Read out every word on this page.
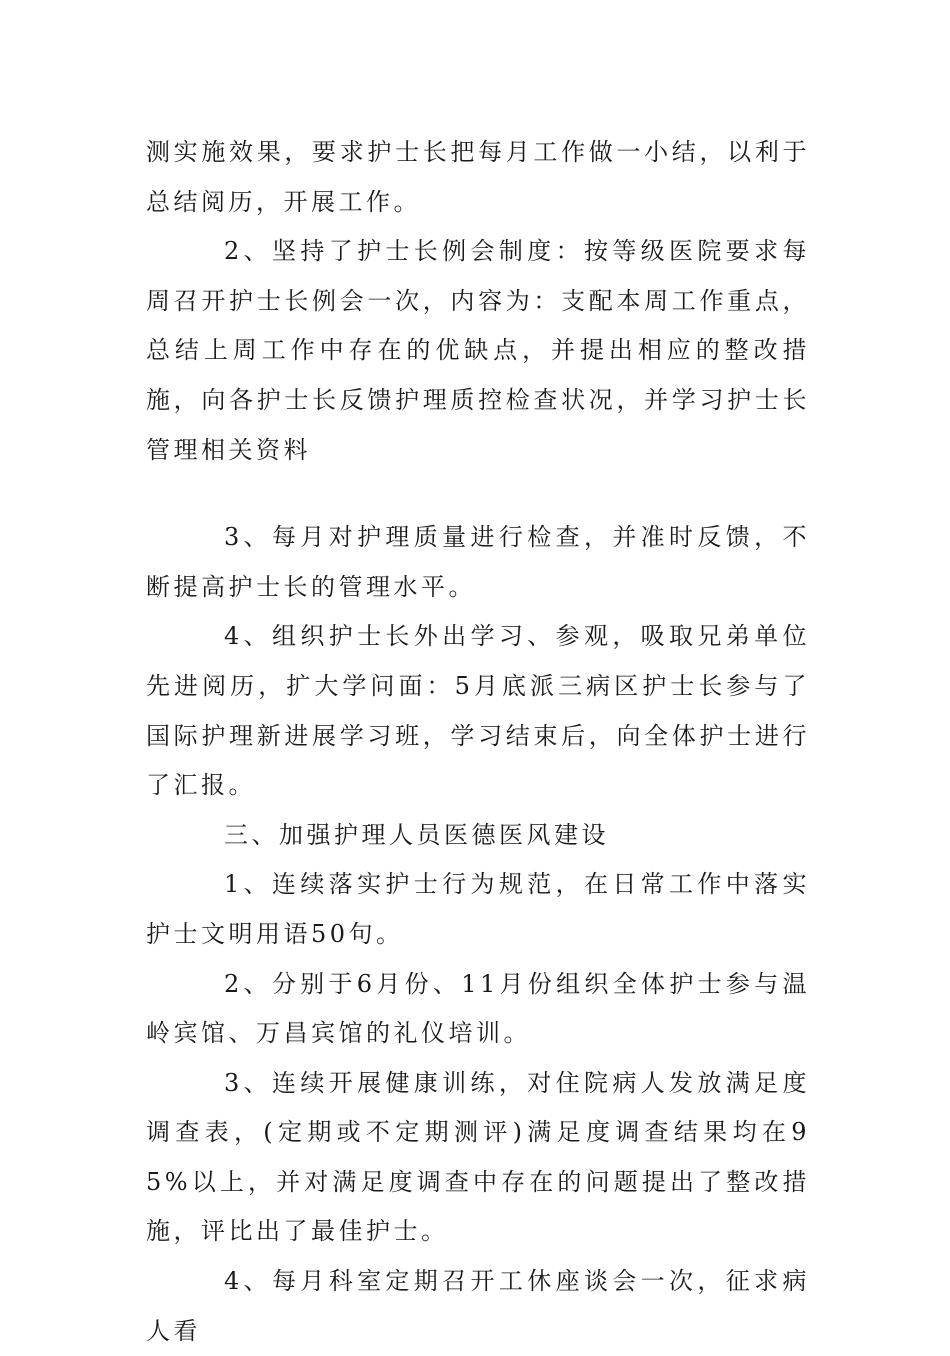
测实施效果，要求护士长把每月工作做一小结，以利于总结阅历，开展工作。

2、坚持了护士长例会制度：按等级医院要求每周召开护士长例会一次，内容为：支配本周工作重点，总结上周工作中存在的优缺点，并提出相应的整改措施，向各护士长反馈护理质控检查状况，并学习护士长管理相关资料

3、每月对护理质量进行检查，并准时反馈，不断提高护士长的管理水平。

4、组织护士长外出学习、参观，吸取兄弟单位先进阅历，扩大学问面：5月底派三病区护士长参与了国际护理新进展学习班，学习结束后，向全体护士进行了汇报。

三、加强护理人员医德医风建设

1、连续落实护士行为规范，在日常工作中落实护士文明用语50句。

2、分别于6月份、11月份组织全体护士参与温岭宾馆、万昌宾馆的礼仪培训。

3、连续开展健康训练，对住院病人发放满足度调查表，(定期或不定期测评)满足度调查结果均在95%以上，并对满足度调查中存在的问题提出了整改措施，评比出了最佳护士。

4、每月科室定期召开工休座谈会一次，征求病人看
